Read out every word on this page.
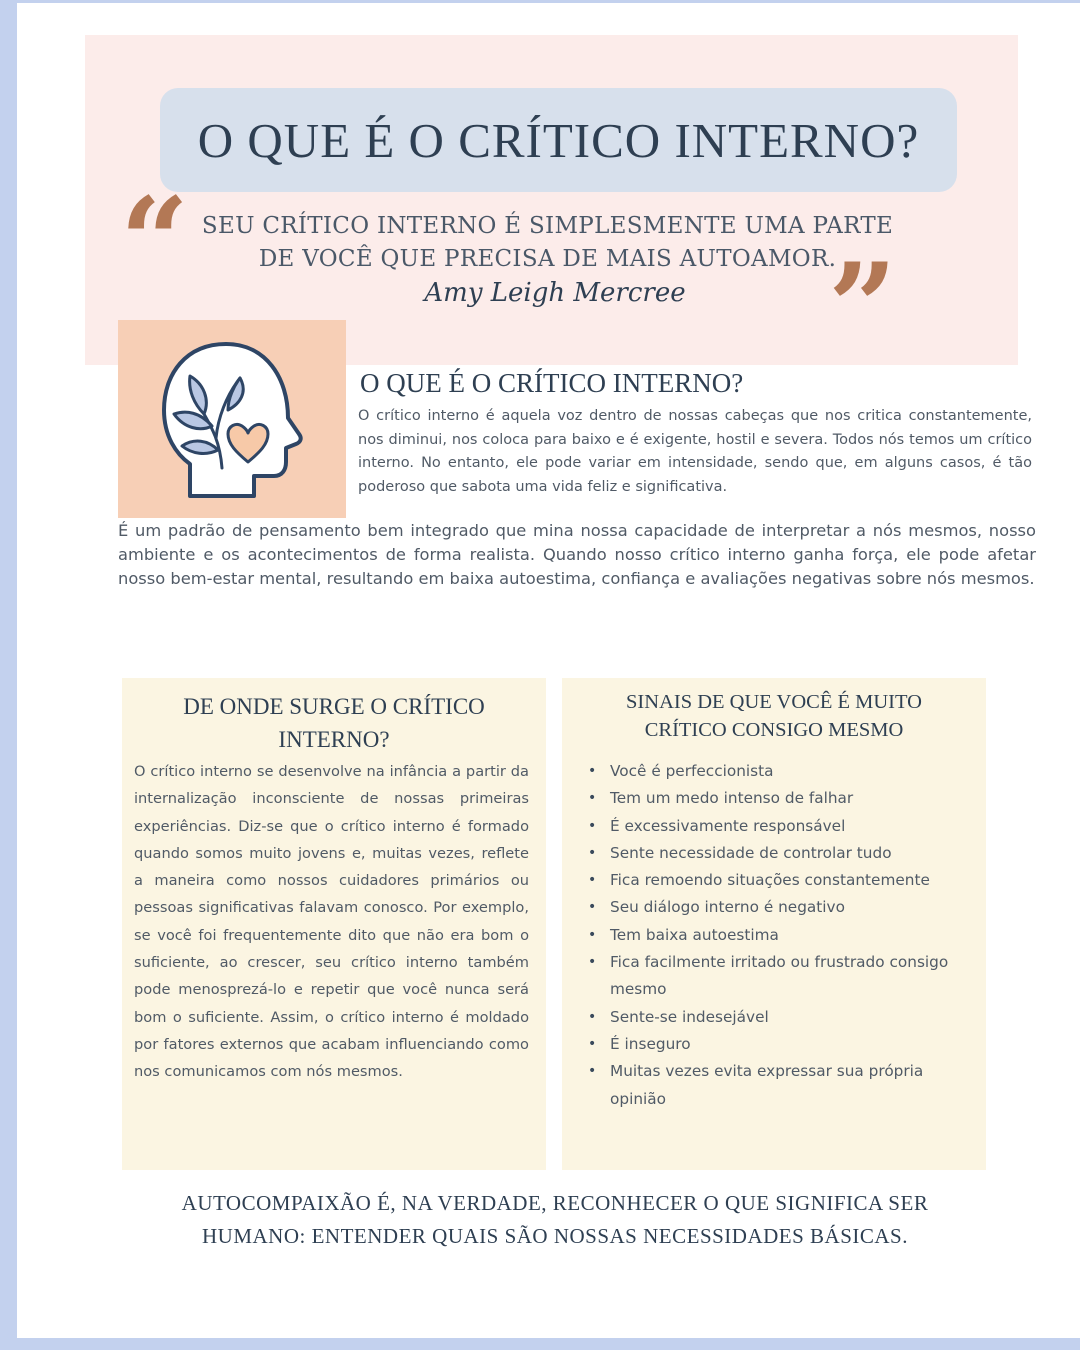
O QUE É O CRÍTICO INTERNO?
“ SEU CRÍTICO INTERNO É SIMPLESMENTE UMA PARTE DE VOCÊ QUE PRECISA DE MAIS AUTOAMOR.
Amy Leigh Mercree ”
O QUE É O CRÍTICO INTERNO?

O crítico interno é aquela voz dentro de nossas cabeças que nos critica constantemente, nos diminui, nos coloca para baixo e é exigente, hostil e severa. Todos nós temos um crítico interno. No entanto, ele pode variar em intensidade, sendo que, em alguns casos, é tão poderoso que sabota uma vida feliz e significativa.

É um padrão de pensamento bem integrado que mina nossa capacidade de interpretar a nós mesmos, nosso ambiente e os acontecimentos de forma realista. Quando nosso crítico interno ganha força, ele pode afetar nosso bem-estar mental, resultando em baixa autoestima, confiança e avaliações negativas sobre nós mesmos.

DE ONDE SURGE O CRÍTICO INTERNO?

O crítico interno se desenvolve na infância a partir da internalização inconsciente de nossas primeiras experiências. Diz-se que o crítico interno é formado quando somos muito jovens e, muitas vezes, reflete a maneira como nossos cuidadores primários ou pessoas significativas falavam conosco. Por exemplo, se você foi frequentemente dito que não era bom o suficiente, ao crescer, seu crítico interno também pode menosprezá-lo e repetir que você nunca será bom o suficiente. Assim, o crítico interno é moldado por fatores externos que acabam influenciando como nos comunicamos com nós mesmos.

SINAIS DE QUE VOCÊ É MUITO CRÍTICO CONSIGO MESMO
• Você é perfeccionista
• Tem um medo intenso de falhar
• É excessivamente responsável
• Sente necessidade de controlar tudo
• Fica remoendo situações constantemente
• Seu diálogo interno é negativo
• Tem baixa autoestima
• Fica facilmente irritado ou frustrado consigo mesmo
• Sente-se indesejável
• É inseguro
• Muitas vezes evita expressar sua própria opinião

AUTOCOMPAIXÃO É, NA VERDADE, RECONHECER O QUE SIGNIFICA SER HUMANO: ENTENDER QUAIS SÃO NOSSAS NECESSIDADES BÁSICAS.
